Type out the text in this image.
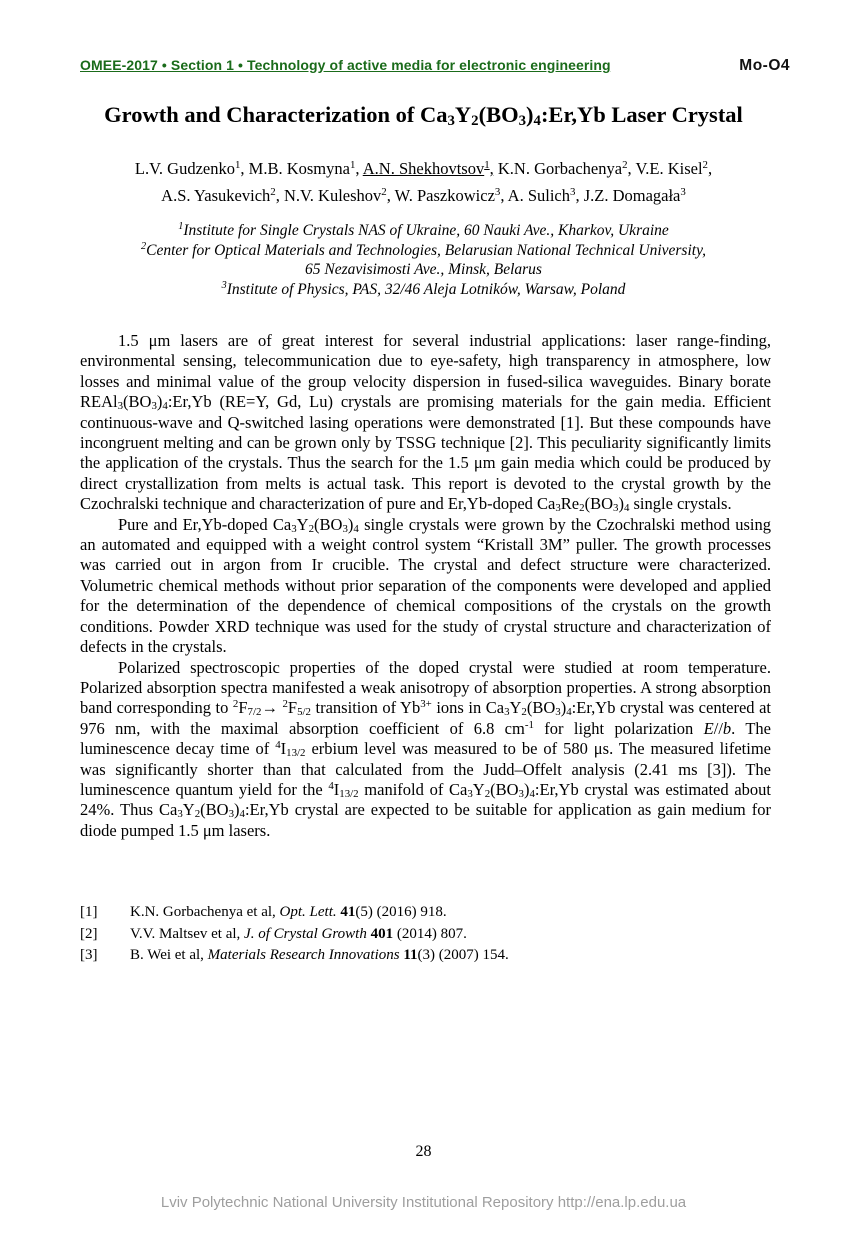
OMEE-2017 • Section 1 • Technology of active media for electronic engineering	Mo-O4
Growth and Characterization of Ca3Y2(BO3)4:Er,Yb Laser Crystal
L.V. Gudzenko$^1$, M.B. Kosmyna$^1$, A.N. Shekhovtsov$^1$, K.N. Gorbachenya$^2$, V.E. Kisel$^2$,
A.S. Yasukevich$^2$, N.V. Kuleshov$^2$, W. Paszkowicz$^3$, A. Sulich$^3$, J.Z. Domagała$^3$
$^1$Institute for Single Crystals NAS of Ukraine, 60 Nauki Ave., Kharkov, Ukraine
$^2$Center for Optical Materials and Technologies, Belarusian National Technical University,
65 Nezavisimosti Ave., Minsk, Belarus
$^3$Institute of Physics, PAS, 32/46 Aleja Lotników, Warsaw, Poland

1.5 μm lasers are of great interest for several industrial applications: laser range-finding, environmental sensing, telecommunication due to eye-safety, high transparency in atmosphere, low losses and minimal value of the group velocity dispersion in fused-silica waveguides. Binary borate REAl3(BO3)4:Er,Yb (RE=Y, Gd, Lu) crystals are promising materials for the gain media. Efficient continuous-wave and Q-switched lasing operations were demonstrated [1]. But these compounds have incongruent melting and can be grown only by TSSG technique [2]. This peculiarity significantly limits the application of the crystals. Thus the search for the 1.5 μm gain media which could be produced by direct crystallization from melts is actual task. This report is devoted to the crystal growth by the Czochralski technique and characterization of pure and Er,Yb-doped Ca3Re2(BO3)4 single crystals.

Pure and Er,Yb-doped Ca3Y2(BO3)4 single crystals were grown by the Czochralski method using an automated and equipped with a weight control system “Kristall 3M” puller. The growth processes was carried out in argon from Ir crucible. The crystal and defect structure were characterized. Volumetric chemical methods without prior separation of the components were developed and applied for the determination of the dependence of chemical compositions of the crystals on the growth conditions. Powder XRD technique was used for the study of crystal structure and characterization of defects in the crystals.

Polarized spectroscopic properties of the doped crystal were studied at room temperature. Polarized absorption spectra manifested a weak anisotropy of absorption properties. A strong absorption band corresponding to $^2$F7/2→ $^2$F5/2 transition of $Yb^{3+}$ ions in Ca3Y2(BO3)4:Er,Yb crystal was centered at 976 nm, with the maximal absorption coefficient of 6.8 $cm^{-1}$ for light polarization E//b. The luminescence decay time of $^4$I13/2 erbium level was measured to be of 580 μs. The measured lifetime was significantly shorter than that calculated from the Judd–Offelt analysis (2.41 ms [3]). The luminescence quantum yield for the $^4$I13/2 manifold of Ca3Y2(BO3)4:Er,Yb crystal was estimated about 24%. Thus Ca3Y2(BO3)4:Er,Yb crystal are expected to be suitable for application as gain medium for diode pumped 1.5 μm lasers.

[1]	K.N. Gorbachenya et al, Opt. Lett. 41(5) (2016) 918.
[2]	V.V. Maltsev et al, J. of Crystal Growth 401 (2014) 807.
[3]	B. Wei et al, Materials Research Innovations 11(3) (2007) 154.
28
Lviv Polytechnic National University Institutional Repository http://ena.lp.edu.ua
